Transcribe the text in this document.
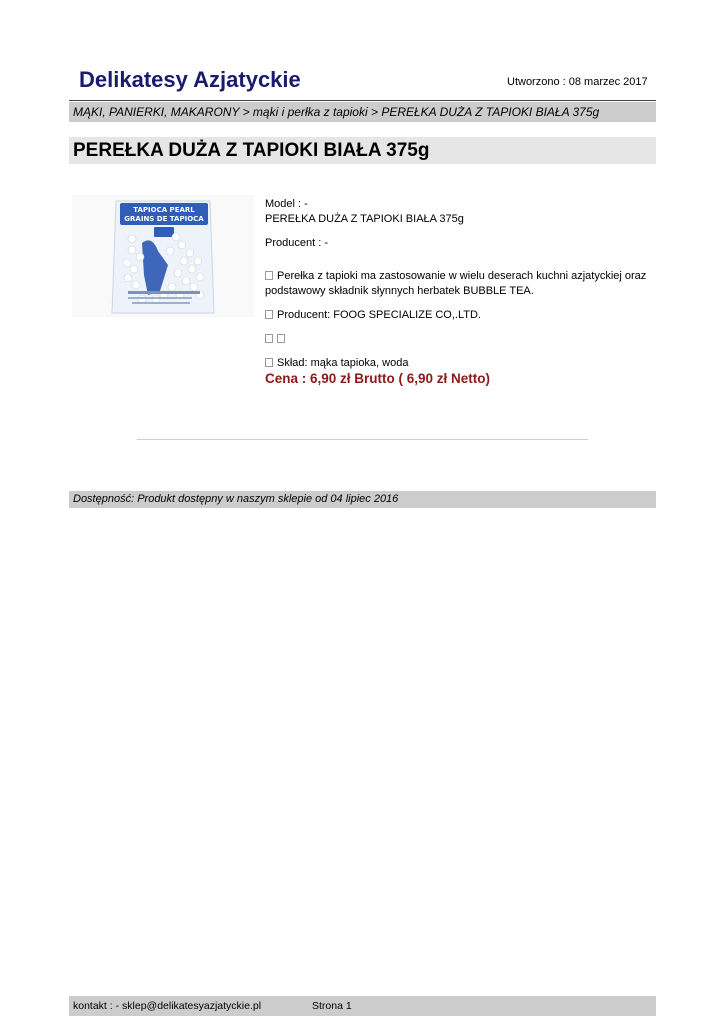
Delikatesy Azjatyckie	Utworzono : 08 marzec 2017
MĄKI, PANIERKI, MAKARONY > mąki i perłka z tapioki > PEREŁKA DUŻA Z TAPIOKI BIAŁA 375g
PEREŁKA DUŻA Z TAPIOKI BIAŁA 375g
TAPIOCA PEARL
GRAINS DE TAPIOCA

Model : -

PEREŁKA DUŻA Z TAPIOKI BIAŁA 375g

Producent : -

Perełka z tapioki ma zastosowanie w wielu deserach kuchni azjatyckiej oraz podstawowy składnik słynnych herbatek BUBBLE TEA.

Producent: FOOG SPECIALIZE CO,.LTD.

Skład: mąka tapioka, woda

Cena : 6,90 zł Brutto ( 6,90 zł Netto)

Dostępność: Produkt dostępny w naszym sklepie od 04 lipiec 2016
kontakt : - sklep@delikatesyazjatyckie.pl	Strona 1
